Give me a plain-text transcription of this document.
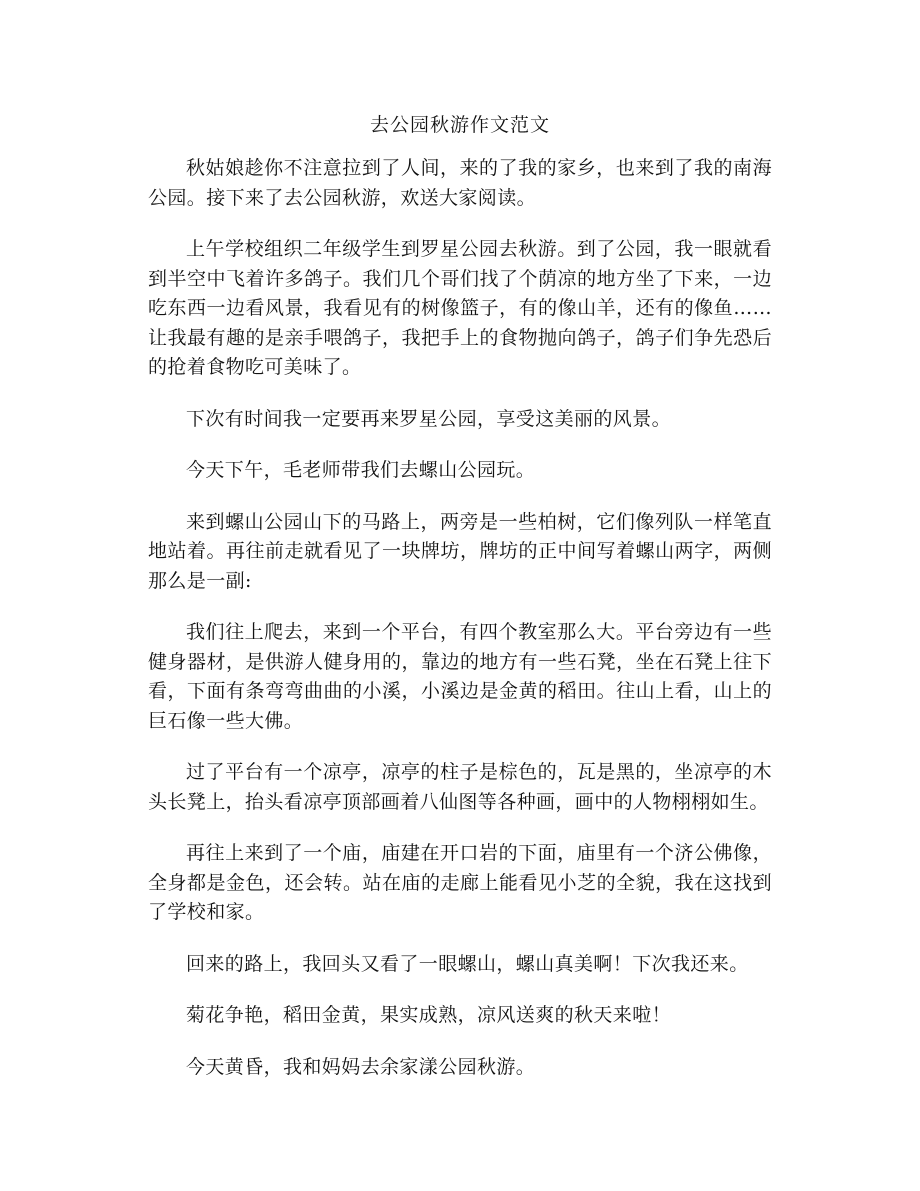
去公园秋游作文范文

秋姑娘趁你不注意拉到了人间，来的了我的家乡，也来到了我的南海公园。接下来了去公园秋游，欢送大家阅读。

上午学校组织二年级学生到罗星公园去秋游。到了公园，我一眼就看到半空中飞着许多鸽子。我们几个哥们找了个荫凉的地方坐了下来，一边吃东西一边看风景，我看见有的树像篮子，有的像山羊，还有的像鱼……让我最有趣的是亲手喂鸽子，我把手上的食物抛向鸽子，鸽子们争先恐后的抢着食物吃可美味了。

下次有时间我一定要再来罗星公园，享受这美丽的风景。

今天下午，毛老师带我们去螺山公园玩。

来到螺山公园山下的马路上，两旁是一些柏树，它们像列队一样笔直地站着。再往前走就看见了一块牌坊，牌坊的正中间写着螺山两字，两侧那么是一副:

我们往上爬去，来到一个平台，有四个教室那么大。平台旁边有一些健身器材，是供游人健身用的，靠边的地方有一些石凳，坐在石凳上往下看，下面有条弯弯曲曲的小溪，小溪边是金黄的稻田。往山上看，山上的巨石像一些大佛。

过了平台有一个凉亭，凉亭的柱子是棕色的，瓦是黑的，坐凉亭的木头长凳上，抬头看凉亭顶部画着八仙图等各种画，画中的人物栩栩如生。

再往上来到了一个庙，庙建在开口岩的下面，庙里有一个济公佛像，全身都是金色，还会转。站在庙的走廊上能看见小芝的全貌，我在这找到了学校和家。

回来的路上，我回头又看了一眼螺山，螺山真美啊！下次我还来。

菊花争艳，稻田金黄，果实成熟，凉风送爽的秋天来啦！

今天黄昏，我和妈妈去余家漾公园秋游。
